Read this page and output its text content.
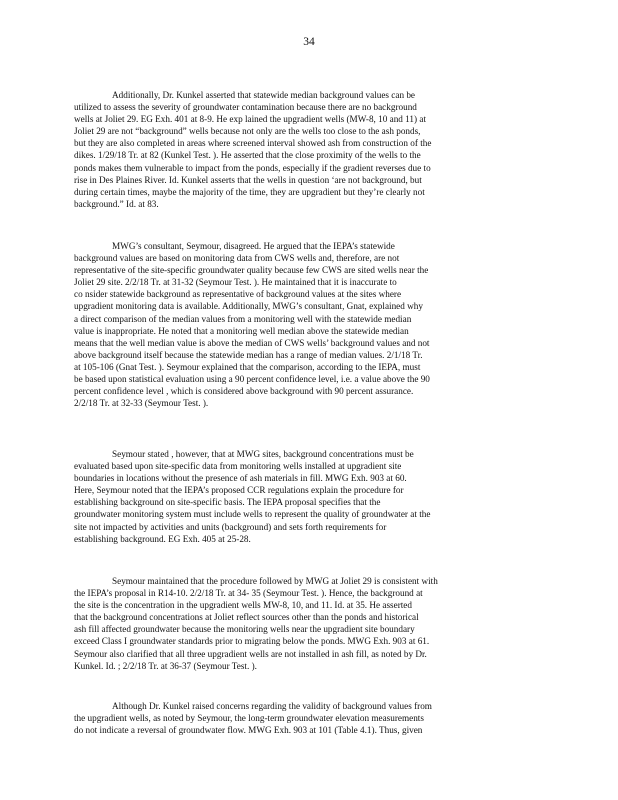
34
Additionally, Dr. Kunkel asserted that statewide median background values can be
utilized to assess the severity of groundwater contamination because there are no background
wells at Joliet 29. EG Exh. 401 at 8-9. He exp lained the upgradient wells (MW-8, 10 and 11) at
Joliet 29 are not “background” wells because not only are the wells too close to the ash ponds,
but they are also completed in areas where screened interval showed ash from construction of the
dikes. 1/29/18 Tr. at 82 (Kunkel Test. ). He asserted that the close proximity of the wells to the
ponds makes them vulnerable to impact from the ponds, especially if the gradient reverses due to
rise in Des Plaines River. Id. Kunkel asserts that the wells in question ‘are not background, but
during certain times, maybe the majority of the time, they are upgradient but they’re clearly not
background.” Id. at 83.
MWG’s consultant, Seymour, disagreed. He argued that the IEPA’s statewide
background values are based on monitoring data from CWS wells and, therefore, are not
representative of the site-specific groundwater quality because few CWS are sited wells near the
Joliet 29 site. 2/2/18 Tr. at 31-32 (Seymour Test. ). He maintained that it is inaccurate to
co nsider statewide background as representative of background values at the sites where
upgradient monitoring data is available. Additionally, MWG’s consultant, Gnat, explained why
a direct comparison of the median values from a monitoring well with the statewide median
value is inappropriate. He noted that a monitoring well median above the statewide median
means that the well median value is above the median of CWS wells’ background values and not
above background itself because the statewide median has a range of median values. 2/1/18 Tr.
at 105-106 (Gnat Test. ). Seymour explained that the comparison, according to the IEPA, must
be based upon statistical evaluation using a 90 percent confidence level, i.e. a value above the 90
percent confidence level , which is considered above background with 90 percent assurance.
2/2/18 Tr. at 32-33 (Seymour Test. ).
Seymour stated , however, that at MWG sites, background concentrations must be
evaluated based upon site-specific data from monitoring wells installed at upgradient site
boundaries in locations without the presence of ash materials in fill. MWG Exh. 903 at 60.
Here, Seymour noted that the IEPA’s proposed CCR regulations explain the procedure for
establishing background on site-specific basis. The IEPA proposal specifies that the
groundwater monitoring system must include wells to represent the quality of groundwater at the
site not impacted by activities and units (background) and sets forth requirements for
establishing background. EG Exh. 405 at 25-28.
Seymour maintained that the procedure followed by MWG at Joliet 29 is consistent with
the IEPA’s proposal in R14-10. 2/2/18 Tr. at 34- 35 (Seymour Test. ). Hence, the background at
the site is the concentration in the upgradient wells MW-8, 10, and 11. Id. at 35. He asserted
that the background concentrations at Joliet reflect sources other than the ponds and historical
ash fill affected groundwater because the monitoring wells near the upgradient site boundary
exceed Class I groundwater standards prior to migrating below the ponds. MWG Exh. 903 at 61.
Seymour also clarified that all three upgradient wells are not installed in ash fill, as noted by Dr.
Kunkel. Id. ; 2/2/18 Tr. at 36-37 (Seymour Test. ).
Although Dr. Kunkel raised concerns regarding the validity of background values from
the upgradient wells, as noted by Seymour, the long-term groundwater elevation measurements
do not indicate a reversal of groundwater flow. MWG Exh. 903 at 101 (Table 4.1). Thus, given
